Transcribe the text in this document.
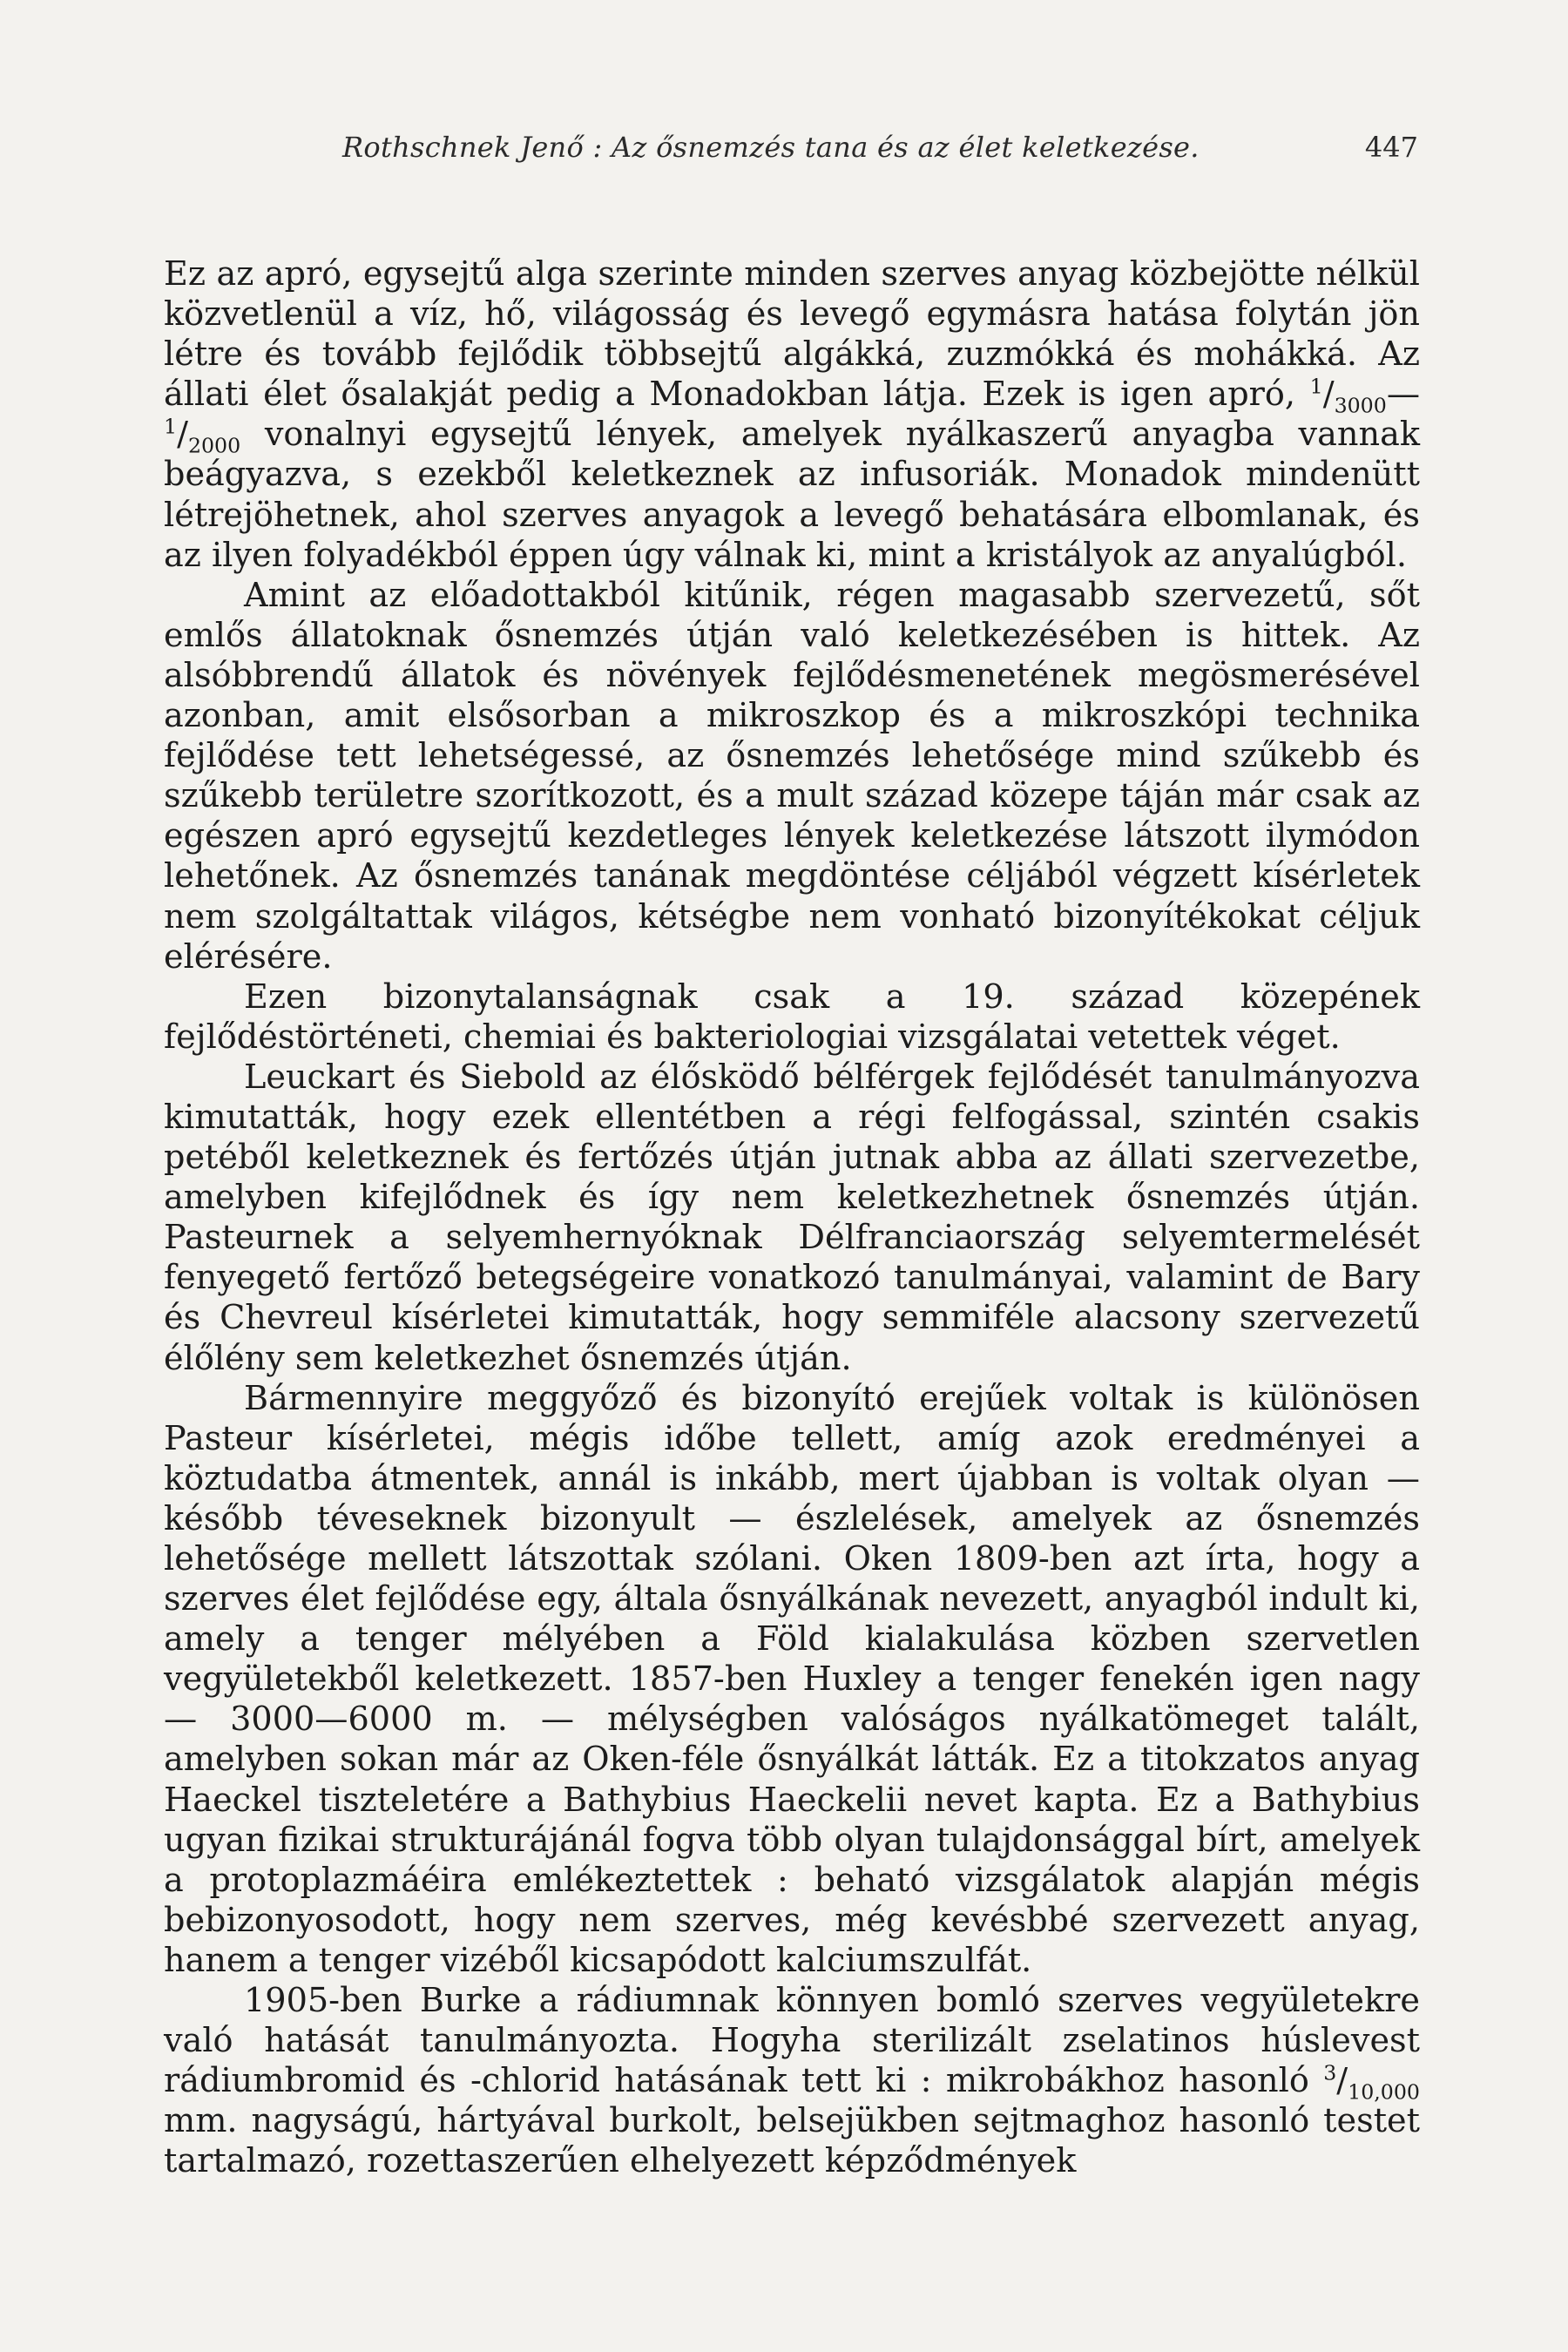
Rothschnek Jenő : Az ősnemzés tana és az élet keletkezése.	447

Ez az apró, egysejtű alga szerinte minden szerves anyag közbejötte nélkül közvetlenül a víz, hő, világosság és levegő egymásra hatása folytán jön létre és tovább fejlődik többsejtű algákká, zuzmókká és mohákká. Az állati élet ősalakját pedig a Monadokban látja. Ezek is igen apró, $^1/_{3000}—^1/_{2000}$ vonalnyi egysejtű lények, amelyek nyálkaszerű anyagba vannak beágyazva, s ezekből keletkeznek az infusoriák. Monadok mindenütt létrejöhetnek, ahol szerves anyagok a levegő behatására elbomlanak, és az ilyen folyadékból éppen úgy válnak ki, mint a kristályok az anyalúgból.

Amint az előadottakból kitűnik, régen magasabb szervezetű, sőt emlős állatoknak ősnemzés útján való keletkezésében is hittek. Az alsóbbrendű állatok és növények fejlődésmenetének megösmerésével azonban, amit elsősorban a mikroszkop és a mikroszkópi technika fejlődése tett lehetségessé, az ősnemzés lehetősége mind szűkebb és szűkebb területre szorítkozott, és a mult század közepe táján már csak az egészen apró egysejtű kezdetleges lények keletkezése látszott ilymódon lehetőnek. Az ősnemzés tanának megdöntése céljából végzett kísérletek nem szolgáltattak világos, kétségbe nem vonható bizonyítékokat céljuk elérésére.

Ezen bizonytalanságnak csak a 19. század közepének fejlődéstörténeti, chemiai és bakteriologiai vizsgálatai vetettek véget.

Leuckart és Siebold az élősködő bélférgek fejlődését tanulmányozva kimutatták, hogy ezek ellentétben a régi felfogással, szintén csakis petéből keletkeznek és fertőzés útján jutnak abba az állati szervezetbe, amelyben kifejlődnek és így nem keletkezhetnek ősnemzés útján. Pasteurnek a selyemhernyóknak Délfranciaország selyemtermelését fenyegető fertőző betegségeire vonatkozó tanulmányai, valamint de Bary és Chevreul kísérletei kimutatták, hogy semmiféle alacsony szervezetű élőlény sem keletkezhet ősnemzés útján.

Bármennyire meggyőző és bizonyító erejűek voltak is különösen Pasteur kísérletei, mégis időbe tellett, amíg azok eredményei a köztudatba átmentek, annál is inkább, mert újabban is voltak olyan — később téveseknek bizonyult — észlelések, amelyek az ősnemzés lehetősége mellett látszottak szólani. Oken 1809-ben azt írta, hogy a szerves élet fejlődése egy, általa ősnyálkának nevezett, anyagból indult ki, amely a tenger mélyében a Föld kialakulása közben szervetlen vegyületekből keletkezett. 1857-ben Huxley a tenger fenekén igen nagy — 3000—6000 m. — mélységben valóságos nyálkatömeget talált, amelyben sokan már az Oken-féle ősnyálkát látták. Ez a titokzatos anyag Haeckel tiszteletére a Bathybius Haeckelii nevet kapta. Ez a Bathybius ugyan fizikai strukturájánál fogva több olyan tulajdonsággal bírt, amelyek a protoplazmáéira emlékeztettek : beható vizsgálatok alapján mégis bebizonyosodott, hogy nem szerves, még kevésbbé szervezett anyag, hanem a tenger vizéből kicsapódott kalciumszulfát.

1905-ben Burke a rádiumnak könnyen bomló szerves vegyületekre való hatását tanulmányozta. Hogyha sterilizált zselatinos húslevest rádiumbromid és -chlorid hatásának tett ki : mikrobákhoz hasonló $^3/_{10,000}$ mm. nagyságú, hártyával burkolt, belsejükben sejtmaghoz hasonló testet tartalmazó, rozettaszerűen elhelyezett képződmények
